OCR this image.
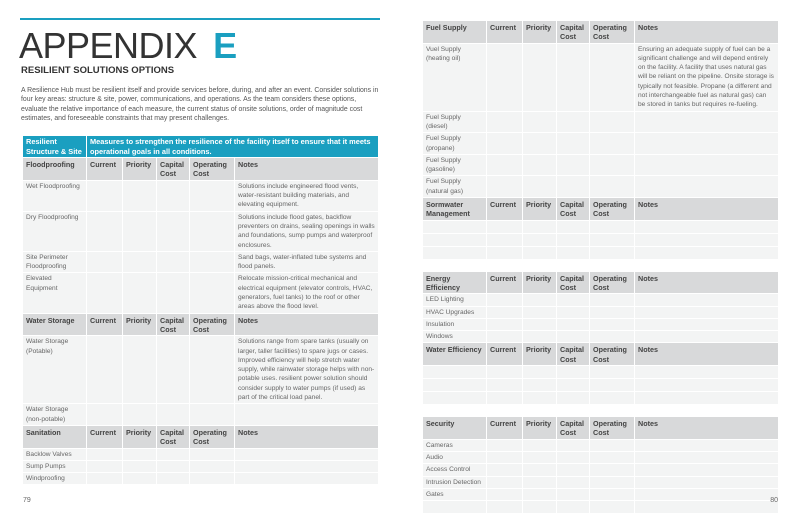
APPENDIX E
RESILIENT SOLUTIONS OPTIONS
A Resilience Hub must be resilient itself and provide services before, during, and after an event. Consider solutions in four key areas: structure & site, power, communications, and operations. As the team considers these options, evaluate the relative importance of each measure, the current status of onsite solutions, order of magnitude cost estimates, and foreseeable constraints that may present challenges.
Resilient Structure & Site	Measures to strengthen the resilience of the facility itself to ensure that it meets operational goals in all conditions.				
Floodproofing	Current	Priority	Capital Cost	Operating Cost	Notes
Wet Floodproofing					Solutions include engineered flood vents, water-resistant building materials, and elevating equipment.
Dry Floodproofing					Solutions include flood gates, backflow preventers on drains, sealing openings in walls and foundations, sump pumps and waterproof enclosures.
Site Perimeter Floodproofing					Sand bags, water-inflated tube systems and flood panels.
Elevated Equipment					Relocate mission-critical mechanical and electrical equipment (elevator controls, HVAC, generators, fuel tanks) to the roof or other areas above the flood level.
Water Storage	Current	Priority	Capital Cost	Operating Cost	Notes
Water Storage (Potable)					Solutions range from spare tanks (usually on larger, taller facilities) to spare jugs or cases. Improved efficiency will help stretch water supply, while rainwater storage helps with non-potable uses. resilient power solution should consider supply to water pumps (if used) as part of the critical load panel.
Water Storage (non-potable)					
Sanitation	Current	Priority	Capital Cost	Operating Cost	Notes
Backlow Valves					
Sump Pumps					
Windproofing					
79
Fuel Supply	Current	Priority	Capital Cost	Operating Cost	Notes
Vuel Supply (heating oil)					Ensuring an adequate supply of fuel can be a significant challenge and will depend entirely on the facility. A facility that uses natural gas will be reliant on the pipeline. Onsite storage is typically not feasible. Propane (a different and not interchangeable fuel as natural gas) can be stored in tanks but requires re-fueling.
Fuel Supply (diesel)					
Fuel Supply (propane)					
Fuel Supply (gasoline)					
Fuel Supply (natural gas)					
Sormwater Management	Current	Priority	Capital Cost	Operating Cost	Notes

Energy Efficiency	Current	Priority	Capital Cost	Operating Cost	Notes
LED Lighting					
HVAC Upgrades					
Insulation					
Windows					
Water Efficiency	Current	Priority	Capital Cost	Operating Cost	Notes

Security	Current	Priority	Capital Cost	Operating Cost	Notes
Cameras					
Audio					
Access Control					
Intrusion Detection					
Gates					

80
